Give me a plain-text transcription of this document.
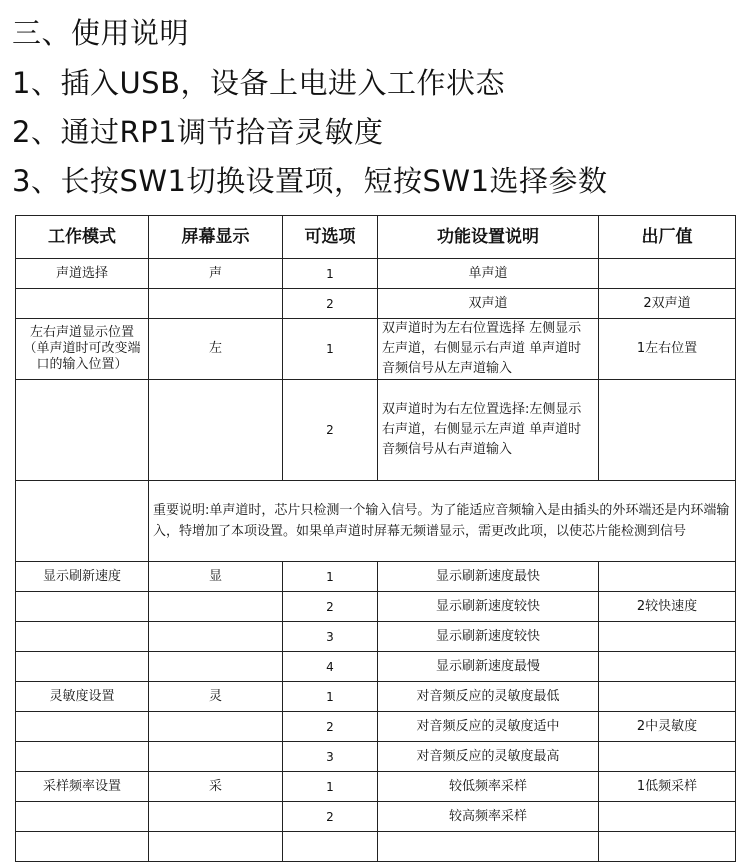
三、使用说明
1、插入USB，设备上电进入工作状态
2、通过RP1调节拾音灵敏度
3、长按SW1切换设置项，短按SW1选择参数
工作模式	屏幕显示	可选项	功能设置说明	出厂值
声道选择	声	1	单声道	
		2	双声道	2双声道
左右声道显示位置（单声道时可改变端口的输入位置）	左	1	双声道时为左右位置选择 左侧显示左声道，右侧显示右声道 单声道时音频信号从左声道输入	1左右位置
		2	双声道时为右左位置选择:左侧显示右声道，右侧显示左声道 单声道时音频信号从右声道输入	
	重要说明:单声道时，芯片只检测一个输入信号。为了能适应音频输入是由插头的外环端还是内环端输入，特增加了本项设置。如果单声道时屏幕无频谱显示，需更改此项，以使芯片能检测到信号			
显示刷新速度	显	1	显示刷新速度最快	
		2	显示刷新速度较快	2较快速度
		3	显示刷新速度较快	
		4	显示刷新速度最慢	
灵敏度设置	灵	1	对音频反应的灵敏度最低	
		2	对音频反应的灵敏度适中	2中灵敏度
		3	对音频反应的灵敏度最高	
采样频率设置	采	1	较低频率采样	1低频采样
		2	较高频率采样	
